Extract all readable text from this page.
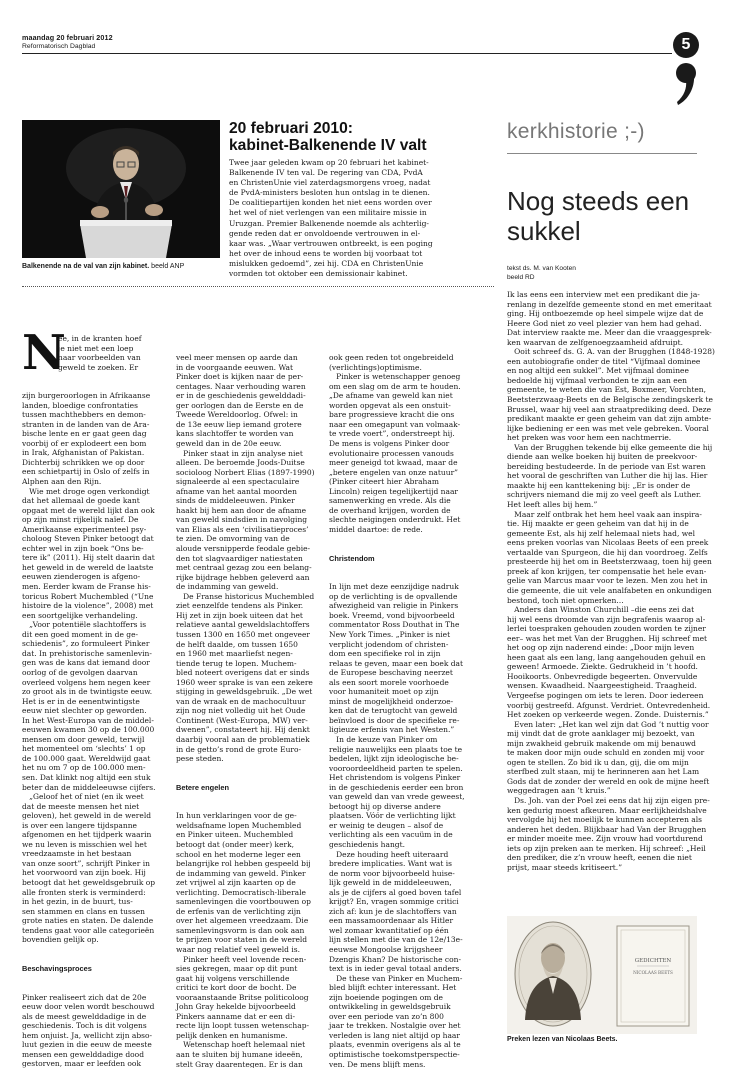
maandag 20 februari 2012
Reformatorisch Dagblad	5
Balkenende na de val van zijn kabinet. beeld ANP
20 februari 2010:
kabinet-Balkenende IV valt
Twee jaar geleden kwam op 20 februari het kabinet-
Balkenende IV ten val. De regering van CDA, PvdA
en ChristenUnie viel zaterdagsmorgens vroeg, nadat
de PvdA-ministers besloten hun ontslag in te dienen.
De coalitiepartijen konden het niet eens worden over
het wel of niet verlengen van een militaire missie in
Uruzgan. Premier Balkenende noemde als achterlig-
gende reden dat er onvoldoende vertrouwen in el-
kaar was. „Waar vertrouwen ontbreekt, is een poging
het over de inhoud eens te worden bij voorbaat tot
mislukken gedoemd”, zei hij. CDA en ChristenUnie
vormden tot oktober een demissionair kabinet.
N
ee, in de kranten hoef
je niet met een loep
naar voorbeelden van
geweld te zoeken. Er

zijn burgeroorlogen in Afrikaanse
landen, bloedige confrontaties
tussen machthebbers en demon-
stranten in de landen van de Ara-
bische lente en er gaat geen dag
voorbij of er explodeert een bom
in Irak, Afghanistan of Pakistan.
Dichterbij schrikken we op door
een schietpartij in Oslo of zelfs in
Alphen aan den Rijn.
Wie met droge ogen verkondigt
dat het allemaal de goede kant
opgaat met de wereld lijkt dan ook
op zijn minst rijkelijk naïef. De
Amerikaanse experimenteel psy-
choloog Steven Pinker betoogt dat
echter wel in zijn boek “Ons be-
tere ik” (2011). Hij stelt daarin dat
het geweld in de wereld de laatste
eeuwen zienderogen is afgeno-
men. Eerder kwam de Franse his-
toricus Robert Muchembled (“Une
histoire de la violence”, 2008) met
een soortgelijke verhandeling.
„Voor potentiële slachtoffers is
dit een goed moment in de ge-
schiedenis”, zo formuleert Pinker
dat. In prehistorische samenlevin-
gen was de kans dat iemand door
oorlog of de gevolgen daarvan
overleed volgens hem negen keer
zo groot als in de twintigste eeuw.
Het is er in de eenentwintigste
eeuw niet slechter op geworden.
In het West-Europa van de middel-
eeuwen kwamen 30 op de 100.000
mensen om door geweld, terwijl
het momenteel om ‘slechts’ 1 op
de 100.000 gaat. Wereldwijd gaat
het nu om 7 op de 100.000 men-
sen. Dat klinkt nog altijd een stuk
beter dan de middeleeuwse cijfers.
„Geloof het of niet (en ik weet
dat de meeste mensen het niet
geloven), het geweld in de wereld
is over een langere tijdspanne
afgenomen en het tijdperk waarin
we nu leven is misschien wel het
vreedzaamste in het bestaan
van onze soort”, schrijft Pinker in
het voorwoord van zijn boek. Hij
betoogt dat het geweldsgebruik op
alle fronten sterk is verminderd:
in het gezin, in de buurt, tus-
sen stammen en clans en tussen
grote naties en staten. De dalende
tendens gaat voor alle categorieën
bovendien gelijk op.

Beschavingsproces

Pinker realiseert zich dat de 20e
eeuw door velen wordt beschouwd
als de meest gewelddadige in de
geschiedenis. Toch is dit volgens
hem onjuist. Ja, wellicht zijn abso-
luut gezien in die eeuw de meeste
mensen een gewelddadige dood
gestorven, maar er leefden ook

veel meer mensen op aarde dan
in de voorgaande eeuwen. Wat
Pinker doet is kijken naar de per-
centages. Naar verhouding waren
er in de geschiedenis gewelddadi-
ger oorlogen dan de Eerste en de
Tweede Wereldoorlog. Ofwel: in
de 13e eeuw liep iemand grotere
kans slachtoffer te worden van
geweld dan in de 20e eeuw.
Pinker staat in zijn analyse niet
alleen. De beroemde Joods-Duitse
socioloog Norbert Elias (1897-1990)
signaleerde al een spectaculaire
afname van het aantal moorden
sinds de middeleeuwen. Pinker
haakt bij hem aan door de afname
van geweld sindsdien in navolging
van Elias als een ‘civilisatieproces’
te zien. De omvorming van de
aloude versnipperde feodale gebie-
den tot slagvaardiger natiestaten
met centraal gezag zou een belang-
rijke bijdrage hebben geleverd aan
de indamming van geweld.
De Franse historicus Muchembled
ziet eenzelfde tendens als Pinker.
Hij zet in zijn boek uiteen dat het
relatieve aantal geweldslachtoffers
tussen 1300 en 1650 met ongeveer
de helft daalde, om tussen 1650
en 1960 met maarliefst negen-
tiende terug te lopen. Muchem-
bled noteert overigens dat er sinds
1960 weer sprake is van een zekere
stijging in geweldsgebruik. „De wet
van de wraak en de machocultuur
zijn nog niet volledig uit het Oude
Continent (West-Europa, MW) ver-
dwenen”, constateert hij. Hij denkt
daarbij vooral aan de problematiek
in de getto’s rond de grote Euro-
pese steden.

Betere engelen

In hun verklaringen voor de ge-
weldsafname lopen Muchembled
en Pinker uiteen. Muchembled
betoogt dat (onder meer) kerk,
school en het moderne leger een
belangrijke rol hebben gespeeld bij
de indamming van geweld. Pinker
zet vrijwel al zijn kaarten op de
verlichting. Democratisch-liberale
samenlevingen die voortbouwen op
de erfenis van de verlichting zijn
over het algemeen vreedzaam. Die
samenlevingsvorm is dan ook aan
te prijzen voor staten in de wereld
waar nog relatief veel geweld is.
Pinker heeft veel lovende recen-
sies gekregen, maar op dit punt
gaat hij volgens verschillende
critici te kort door de bocht. De
vooraanstaande Britse politicoloog
John Gray hekelde bijvoorbeeld
Pinkers aanname dat er een di-
recte lijn loopt tussen wetenschap-
pelijk denken en humanisme.
Wetenschap hoeft helemaal niet
aan te sluiten bij humane ideeën,
stelt Gray daarentegen. Er is dan

ook geen reden tot ongebreideld
(verlichtings)optimisme.
Pinker is wetenschapper genoeg
om een slag om de arm te houden.
„De afname van geweld kan niet
worden opgevat als een onstuit-
bare progressieve kracht die ons
naar een omegapunt van volmaak-
te vrede voert”, onderstreept hij.
De mens is volgens Pinker door
evolutionaire processen vanouds
meer geneigd tot kwaad, maar de
„betere engelen van onze natuur”
(Pinker citeert hier Abraham
Lincoln) reigen tegelijkertijd naar
samenwerking en vrede. Als die
de overhand krijgen, worden de
slechte neigingen onderdrukt. Het
middel daartoe: de rede.

Christendom

In lijn met deze eenzijdige nadruk
op de verlichting is de opvallende
afwezigheid van religie in Pinkers
boek. Vreemd, vond bijvoorbeeld
commentator Ross Douthat in The
New York Times. „Pinker is niet
verplicht jodendom of christen-
dom een specifieke rol in zijn
relaas te geven, maar een boek dat
de Europese beschaving neerzet
als een soort morele voorhoede
voor humaniteit moet op zijn
minst de mogelijkheid onderzoe-
ken dat de terugtocht van geweld
beïnvloed is door de specifieke re-
ligieuze erfenis van het Westen.”
In de keuze van Pinker om
religie nauwelijks een plaats toe te
bedelen, lijkt zijn ideologische be-
vooroordeeldheid parten te spelen.
Het christendom is volgens Pinker
in de geschiedenis eerder een bron
van geweld dan van vrede geweest,
betoogt hij op diverse andere
plaatsen. Vóór de verlichting lijkt
er weinig te deugen – alsof de
verlichting als een vacuüm in de
geschiedenis hangt.
Deze houding heeft uiteraard
bredere implicaties. Want wat is
de norm voor bijvoorbeeld huise-
lijk geweld in de middeleeuwen,
als je de cijfers al goed boven tafel
krijgt? En, vragen sommige critici
zich af: kun je de slachtoffers van
een massamoordenaar als Hitler
wel zomaar kwantitatief op één
lijn stellen met die van de 12e/13e-
eeuwse Mongoolse krijgsheer
Dzengis Khan? De historische con-
text is in ieder geval totaal anders.
De these van Pinker en Muchem-
bled blijft echter interessant. Het
zijn boeiende pogingen om de
ontwikkeling in geweldsgebruik
over een periode van zo’n 800
jaar te trekken. Nostalgie over het
verleden is lang niet altijd op haar
plaats, evenmin overigens als al te
optimistische toekomstperspectie-
ven. De mens blijft mens.

kerkhistorie ;-)
Nog steeds een
sukkel
tekst ds. M. van Kooten
beeld RD
Ik las eens een interview met een predikant die ja-
renlang in dezelfde gemeente stond en met emeritaat
ging. Hij ontboezemde op heel simpele wijze dat de
Heere God niet zo veel plezier van hem had gehad.
Dat interview raakte me. Meer dan die vraaggesprek-
ken waarvan de zelfgenoegzaamheid afdruipt.
Ooit schreef ds. G. A. van der Brugghen (1848-1928)
een autobiografie onder de titel “Vijfmaal dominee
en nog altijd een sukkel”. Met vijfmaal dominee
bedoelde hij vijfmaal verbonden te zijn aan een
gemeente, te weten die van Est, Boxmeer, Vorchten,
Beetsterzwaag-Beets en de Belgische zendingskerk te
Brussel, waar hij veel aan straatprediking deed. Deze
predikant maakte er geen geheim van dat zijn ambte-
lijke bediening er een was met vele gebreken. Vooral
het preken was voor hem een nachtmerrie.
Van der Brugghen tekende bij elke gemeente die hij
diende aan welke boeken hij buiten de preekvoor-
bereiding bestudeerde. In de periode van Est waren
het vooral de geschriften van Luther die hij las. Hier
maakte hij een kanttekening bij: „Er is onder de
schrijvers niemand die mij zo veel geeft als Luther.
Het leeft alles bij hem.”
Maar zelf ontbrak het hem heel vaak aan inspira-
tie. Hij maakte er geen geheim van dat hij in de
gemeente Est, als hij zelf helemaal niets had, wel
eens preken voorlas van Nicolaas Beets of een preek
vertaalde van Spurgeon, die hij dan voordroeg. Zelfs
presteerde hij het om in Beetsterzwaag, toen hij geen
preek af kon krijgen, ter compensatie het hele evan-
gelie van Marcus maar voor te lezen. Men zou het in
die gemeente, die uit vele analfabeten en onkundigen
bestond, toch niet opmerken…
Anders dan Winston Churchill –die eens zei dat
hij wel eens droomde van zijn begrafenis waarop al-
lerlei toespraken gehouden zouden worden te zijner
eer– was het met Van der Brugghen. Hij schreef met
het oog op zijn naderend einde: „Door mijn leven
heen gaat als een lang, lang aangehouden gehuil en
geween! Armoede. Ziekte. Gedrukheid in ’t hoofd.
Hooikoorts. Onbevredigde begeerten. Onvervulde
wensen. Kwaadheid. Naargeestigheid. Traagheid.
Vergeefse pogingen om iets te leren. Door iedereen
voorbij gestreefd. Afgunst. Verdriet. Ontevredenheid.
Het zoeken op verkeerde wegen. Zonde. Duisternis.”
Even later: „Het kan wel zijn dat God ’t nuttig voor
mij vindt dat de grote aanklager mij bezoekt, van
mijn zwakheid gebruik makende om mij benauwd
te maken door mijn oude schuld en zonden mij voor
ogen te stellen. Zo bid ik u dan, gij, die om mijn
sterfbed zult staan, mij te herinneren aan het Lam
Gods dat de zonder der wereld en ook de mijne heeft
weggedragen aan ’t kruis.”
Ds. Joh. van der Poel zei eens dat hij zijn eigen pre-
ken gedurig moest afkeuren. Maar eerlijkheidshalve
vervolgde hij het moeilijk te kunnen accepteren als
anderen het deden. Blijkbaar had Van der Brugghen
er minder moeite mee. Zijn vrouw had voortdurend
iets op zijn preken aan te merken. Hij schreef: „Heil
den prediker, die z’n vrouw heeft, eenen die niet
prijst, maar steeds kritiseert.”
GEDICHTEN
NICOLAAS BEETS
Preken lezen van Nicolaas Beets.
